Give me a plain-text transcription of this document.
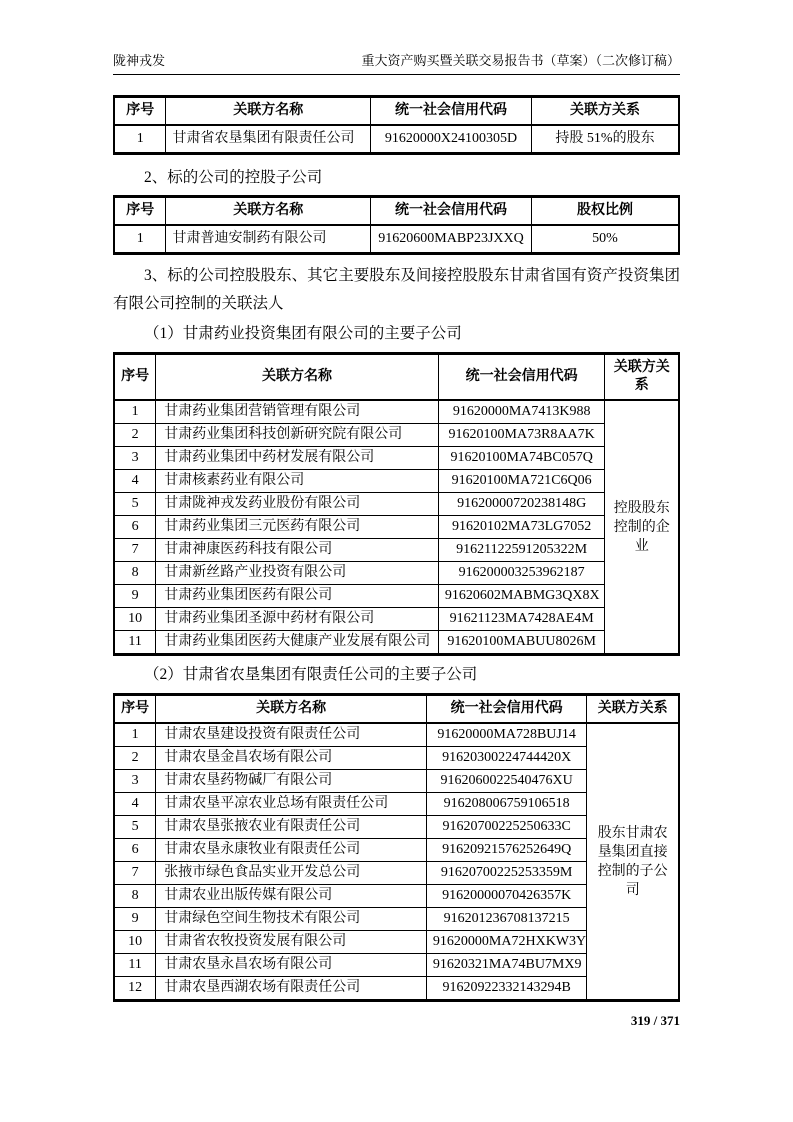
陇神戎发	重大资产购买暨关联交易报告书（草案）（二次修订稿）
序号	关联方名称	统一社会信用代码	关联方关系
1	甘肃省农垦集团有限责任公司	91620000X24100305D	持股 51%的股东

2、标的公司的控股子公司

序号	关联方名称	统一社会信用代码	股权比例
1	甘肃普迪安制药有限公司	91620600MABP23JXXQ	50%

3、标的公司控股股东、其它主要股东及间接控股股东甘肃省国有资产投资集团有限公司控制的关联法人

（1）甘肃药业投资集团有限公司的主要子公司

序号	关联方名称	统一社会信用代码	关联方关系
1	甘肃药业集团营销管理有限公司	91620000MA7413K988	控股股东控制的企业
2	甘肃药业集团科技创新研究院有限公司	91620100MA73R8AA7K	
3	甘肃药业集团中药材发展有限公司	91620100MA74BC057Q	
4	甘肃核素药业有限公司	91620100MA721C6Q06	
5	甘肃陇神戎发药业股份有限公司	91620000720238148G	
6	甘肃药业集团三元医药有限公司	91620102MA73LG7052	
7	甘肃神康医药科技有限公司	91621122591205322M	
8	甘肃新丝路产业投资有限公司	916200003253962187	
9	甘肃药业集团医药有限公司	91620602MABMG3QX8X	
10	甘肃药业集团圣源中药材有限公司	91621123MA7428AE4M	
11	甘肃药业集团医药大健康产业发展有限公司	91620100MABUU8026M	

（2）甘肃省农垦集团有限责任公司的主要子公司

序号	关联方名称	统一社会信用代码	关联方关系
1	甘肃农垦建设投资有限责任公司	91620000MA728BUJ14	股东甘肃农垦集团直接控制的子公司
2	甘肃农垦金昌农场有限公司	91620300224744420X	
3	甘肃农垦药物碱厂有限公司	9162060022540476XU	
4	甘肃农垦平凉农业总场有限责任公司	916208006759106518	
5	甘肃农垦张掖农业有限责任公司	91620700225250633C	
6	甘肃农垦永康牧业有限责任公司	91620921576252649Q	
7	张掖市绿色食品实业开发总公司	91620700225253359M	
8	甘肃农业出版传媒有限公司	91620000070426357K	
9	甘肃绿色空间生物技术有限公司	916201236708137215	
10	甘肃省农牧投资发展有限公司	91620000MA72HXKW3Y	
11	甘肃农垦永昌农场有限公司	91620321MA74BU7MX9	
12	甘肃农垦西湖农场有限责任公司	91620922332143294B	
319 / 371
